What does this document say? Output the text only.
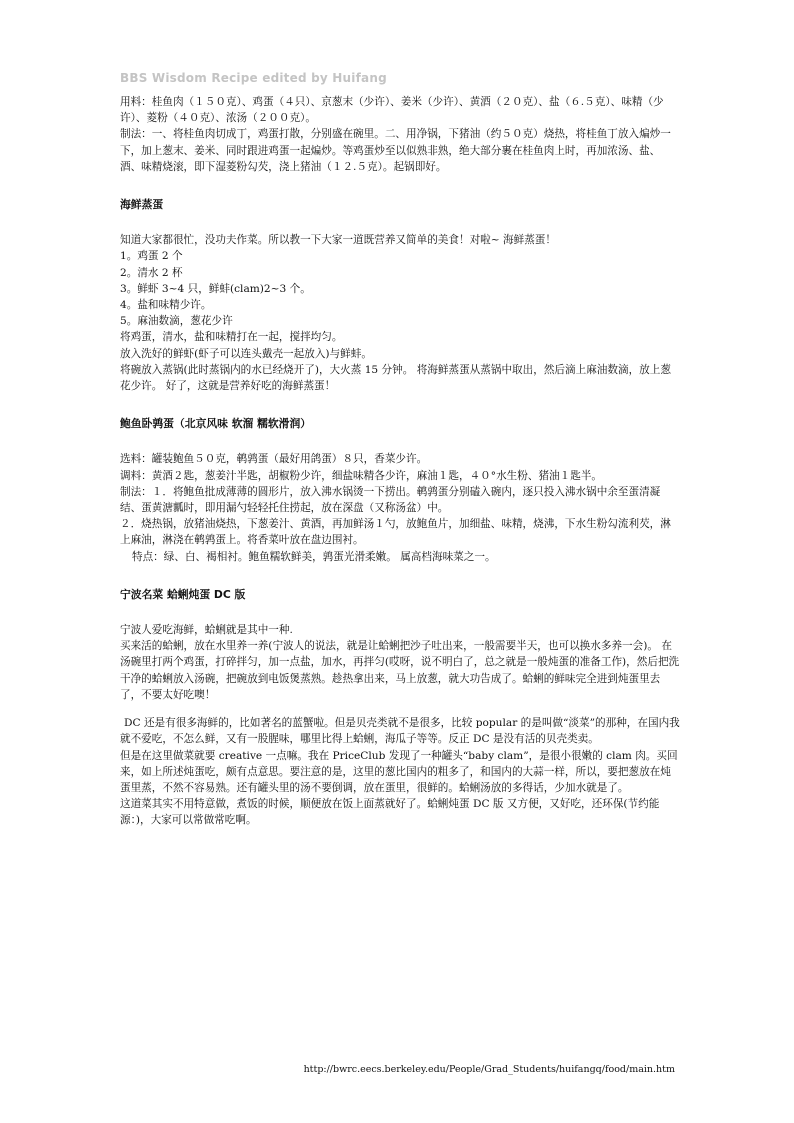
BBS Wisdom Recipe edited by Huifang

用料：桂鱼肉（１５０克）、鸡蛋（４只）、京葱末（少许）、姜米（少许）、黄酒（２０克）、盐（６.５克）、味精（少许）、菱粉（４０克）、浓汤（２００克）。

制法：一、将桂鱼肉切成丁，鸡蛋打散，分别盛在碗里。二、用净锅，下猪油（约５０克）烧热，将桂鱼丁放入煸炒一下，加上葱末、姜米、同时跟进鸡蛋一起煸炒。等鸡蛋炒至以似熟非熟，绝大部分裹在桂鱼肉上时，再加浓汤、盐、酒、味精烧滚，即下湿菱粉勾芡，浇上猪油（１２.５克）。起锅即好。

海鲜蒸蛋

知道大家都很忙，没功夫作菜。所以教一下大家一道既营养又简单的美食！对啦~ 海鲜蒸蛋！

1。鸡蛋 2 个

2。清水 2 杯

3。鲜虾 3~4 只，鲜蚌(clam)2~3 个。

4。盐和味精少许。

5。麻油数滴，葱花少许

将鸡蛋，清水，盐和味精打在一起，搅拌均匀。

放入洗好的鲜虾(虾子可以连头戴壳一起放入)与鲜蚌。

将碗放入蒸锅(此时蒸锅内的水已经烧开了)，大火蒸 15 分钟。 将海鲜蒸蛋从蒸锅中取出，然后滴上麻油数滴，放上葱花少许。 好了，这就是营养好吃的海鲜蒸蛋！

鲍鱼卧鹑蛋（北京风味 软溜 糯软滑润）

选料：罐装鲍鱼５０克，鹌鹑蛋（最好用鸽蛋）８只，香菜少许。

调料：黄酒２匙，葱姜汁半匙，胡椒粉少许，细盐味精各少许，麻油１匙，４０°水生粉、猪油１匙半。

制法：１．将鲍鱼批成薄薄的圆形片，放入沸水锅烫一下捞出。鹌鹑蛋分别磕入碗内，逐只投入沸水锅中余至蛋清凝结、蛋黄溏瓤时，即用漏勺轻轻托住捞起，放在深盘（又称汤盆）中。

２．烧热锅，放猪油烧热，下葱姜汁、黄酒，再加鲜汤１勺，放鲍鱼片，加细盐、味精，烧沸，下水生粉勾流利芡，淋上麻油，淋浇在鹌鹑蛋上。将香菜叶放在盘边围衬。

特点：绿、白、褐相衬。鲍鱼糯软鲜美，鹑蛋光滑柔嫩。 属高档海味菜之一。

宁波名菜 蛤蜊炖蛋 DC 版

宁波人爱吃海鲜，蛤蜊就是其中一种.

买来活的蛤蜊，放在水里养一养(宁波人的说法，就是让蛤蜊把沙子吐出来，一般需要半天，也可以换水多养一会)。 在汤碗里打两个鸡蛋，打碎拌匀，加一点盐，加水，再拌匀(哎呀，说不明白了，总之就是一般炖蛋的准备工作)，然后把洗干净的蛤蜊放入汤碗，把碗放到电饭煲蒸熟。趁热拿出来，马上放葱，就大功告成了。蛤蜊的鲜味完全进到炖蛋里去了，不要太好吃噢！

DC 还是有很多海鲜的，比如著名的蓝蟹啦。但是贝壳类就不是很多，比较 popular 的是叫做“淡菜”的那种，在国内我就不爱吃，不怎么鲜，又有一股腥味，哪里比得上蛤蜊，海瓜子等等。反正 DC 是没有活的贝壳类卖。

但是在这里做菜就要 creative 一点嘛。我在 PriceClub 发现了一种罐头“baby clam”，是很小很嫩的 clam 肉。买回来，如上所述炖蛋吃，颇有点意思。要注意的是，这里的葱比国内的粗多了，和国内的大蒜一样，所以，要把葱放在炖蛋里蒸，不然不容易熟。还有罐头里的汤不要倒调，放在蛋里，很鲜的。蛤蜊汤放的多得话，少加水就是了。

这道菜其实不用特意做，煮饭的时候，顺便放在饭上面蒸就好了。蛤蜊炖蛋 DC 版 又方便，又好吃，还环保(节约能源：)，大家可以常做常吃啊。

http://bwrc.eecs.berkeley.edu/People/Grad_Students/huifangq/food/main.htm
